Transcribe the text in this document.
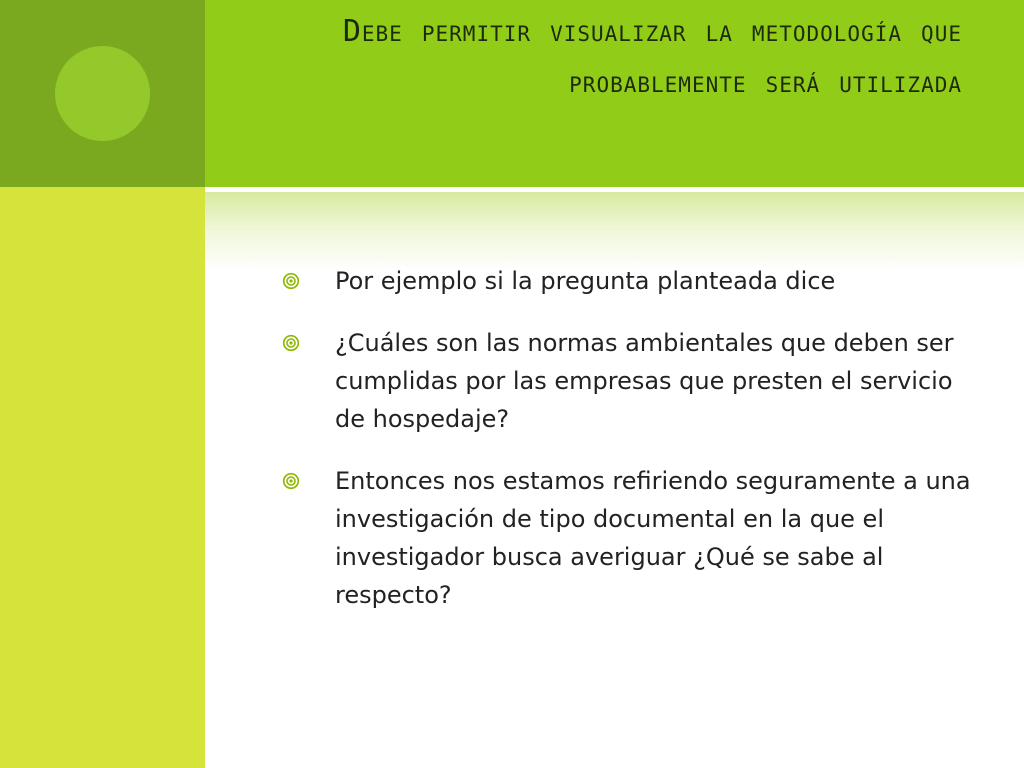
Debe permitir visualizar la metodología que probablemente será utilizada
Por ejemplo si la pregunta planteada dice
¿Cuáles son las normas ambientales que deben ser cumplidas por las empresas que presten el servicio de hospedaje?
Entonces nos estamos refiriendo seguramente a una investigación de tipo documental en la que el investigador busca averiguar ¿Qué se sabe al respecto?
